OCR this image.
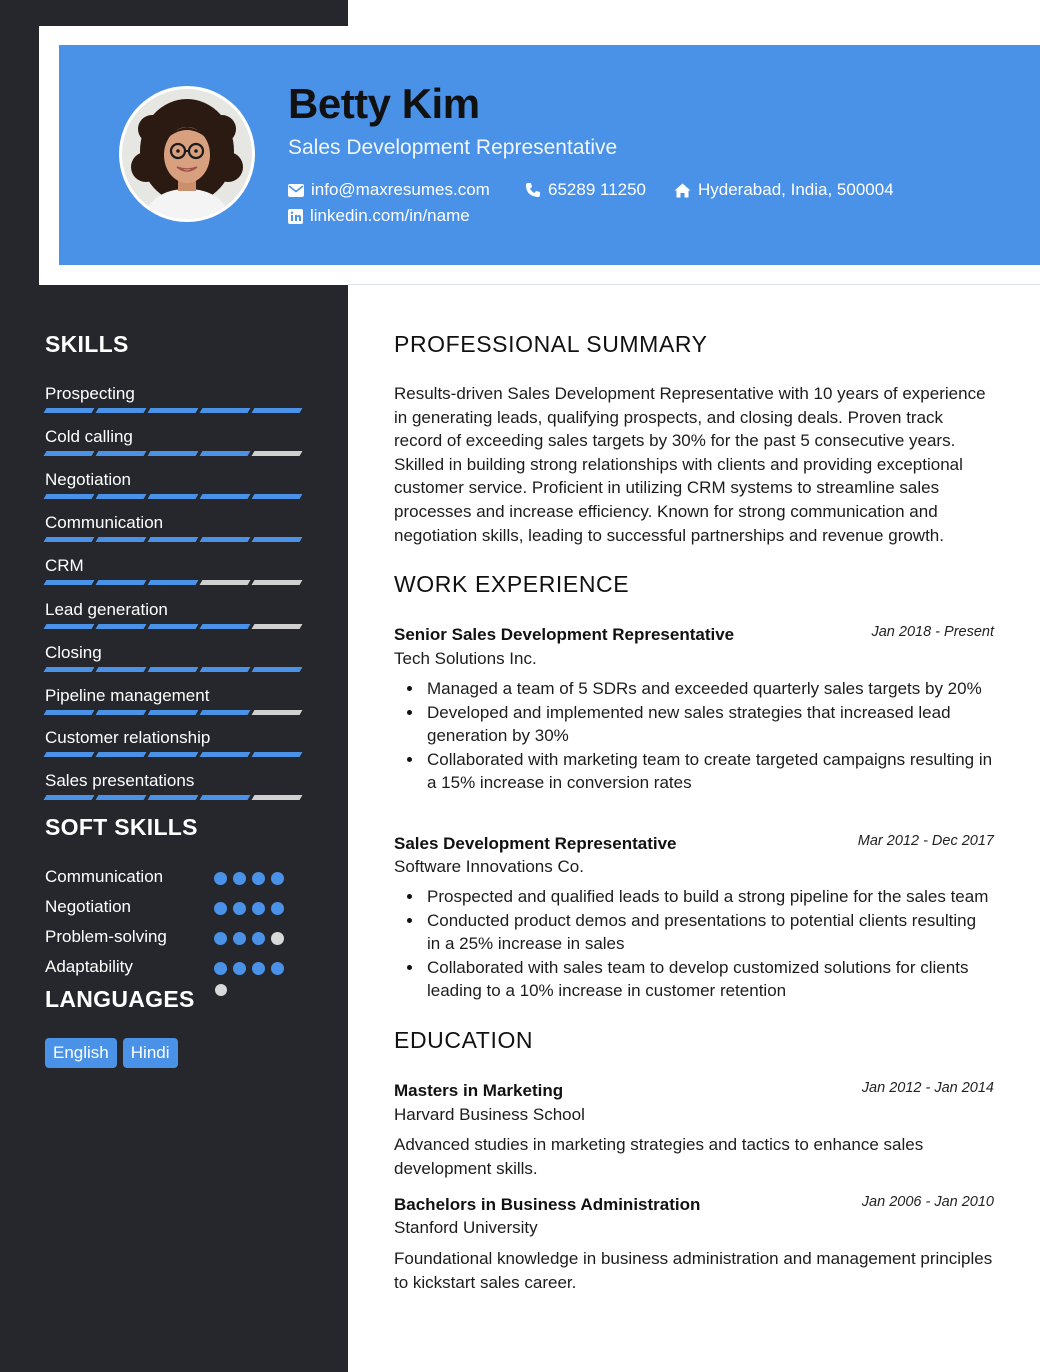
Betty Kim
Sales Development Representative
info@maxresumes.com	65289 11250	Hyderabad, India, 500004
linkedin.com/in/name
SKILLS
Prospecting
Cold calling
Negotiation
Communication
CRM
Lead generation
Closing
Pipeline management
Customer relationship
Sales presentations
SOFT SKILLS
Communication
Negotiation
Problem-solving
Adaptability
LANGUAGES
English	Hindi
PROFESSIONAL SUMMARY
Results-driven Sales Development Representative with 10 years of experience in generating leads, qualifying prospects, and closing deals. Proven track record of exceeding sales targets by 30% for the past 5 consecutive years. Skilled in building strong relationships with clients and providing exceptional customer service. Proficient in utilizing CRM systems to streamline sales processes and increase efficiency. Known for strong communication and negotiation skills, leading to successful partnerships and revenue growth.
WORK EXPERIENCE
Senior Sales Development Representative	Jan 2018 - Present
Tech Solutions Inc.
Managed a team of 5 SDRs and exceeded quarterly sales targets by 20%
Developed and implemented new sales strategies that increased lead generation by 30%
Collaborated with marketing team to create targeted campaigns resulting in a 15% increase in conversion rates
Sales Development Representative	Mar 2012 - Dec 2017
Software Innovations Co.
Prospected and qualified leads to build a strong pipeline for the sales team
Conducted product demos and presentations to potential clients resulting in a 25% increase in sales
Collaborated with sales team to develop customized solutions for clients leading to a 10% increase in customer retention
EDUCATION
Masters in Marketing	Jan 2012 - Jan 2014
Harvard Business School
Advanced studies in marketing strategies and tactics to enhance sales development skills.
Bachelors in Business Administration	Jan 2006 - Jan 2010
Stanford University
Foundational knowledge in business administration and management principles to kickstart sales career.
